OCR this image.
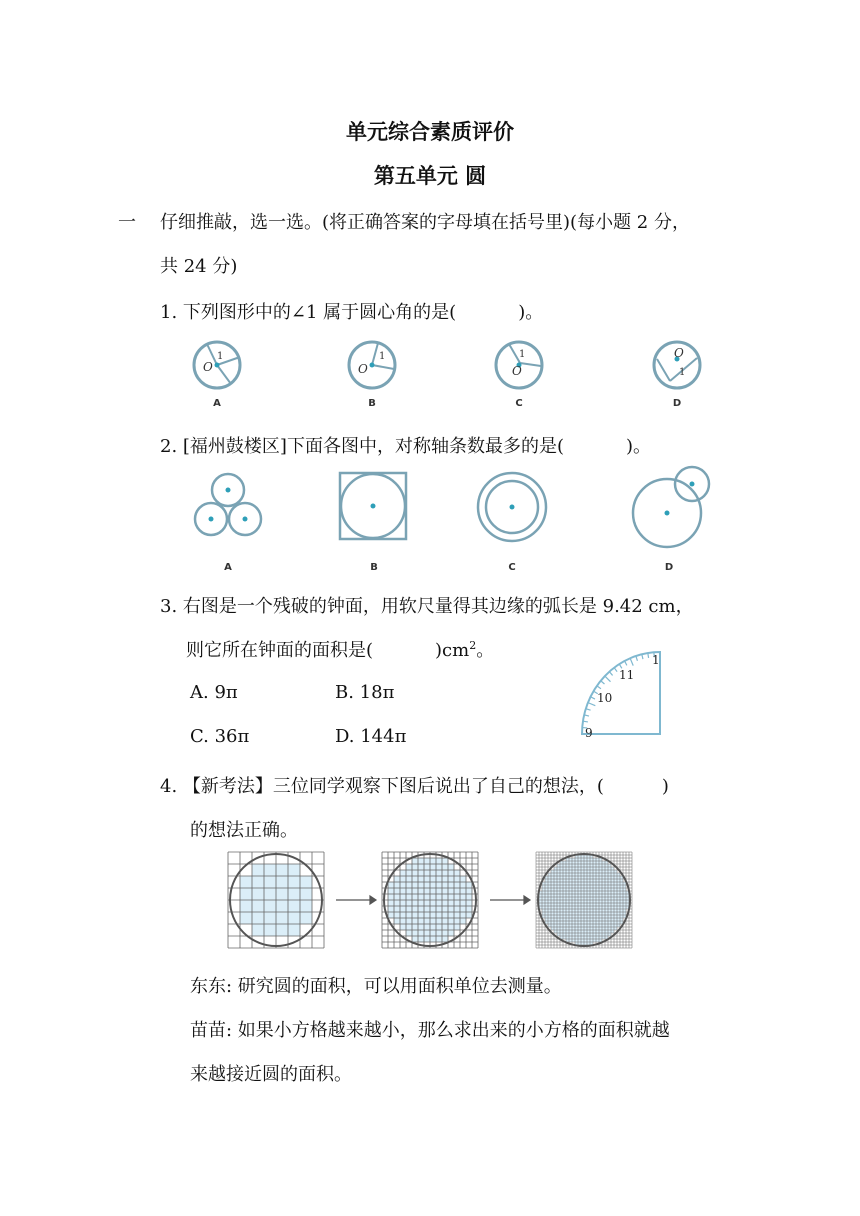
单元综合素质评价
第五单元 圆
一 仔细推敲，选一选。(将正确答案的字母填在括号里)(每小题 2 分，
共 24 分)
1. 下列图形中的∠1 属于圆心角的是(	)。
O
1
O
1
O
1	O
1
A	B	C	D
2. [福州鼓楼区]下面各图中，对称轴条数最多的是(	)。
A	B	C	D
3. 右图是一个残破的钟面，用软尺量得其边缘的弧长是 9.42 cm，
则它所在钟面的面积是(	)$cm^2$。
A. 9π	B. 18π
C. 36π	D. 144π
1
11
10
9
4. 【新考法】三位同学观察下图后说出了自己的想法，(	)
的想法正确。
东东: 研究圆的面积，可以用面积单位去测量。
苗苗: 如果小方格越来越小，那么求出来的小方格的面积就越
来越接近圆的面积。
